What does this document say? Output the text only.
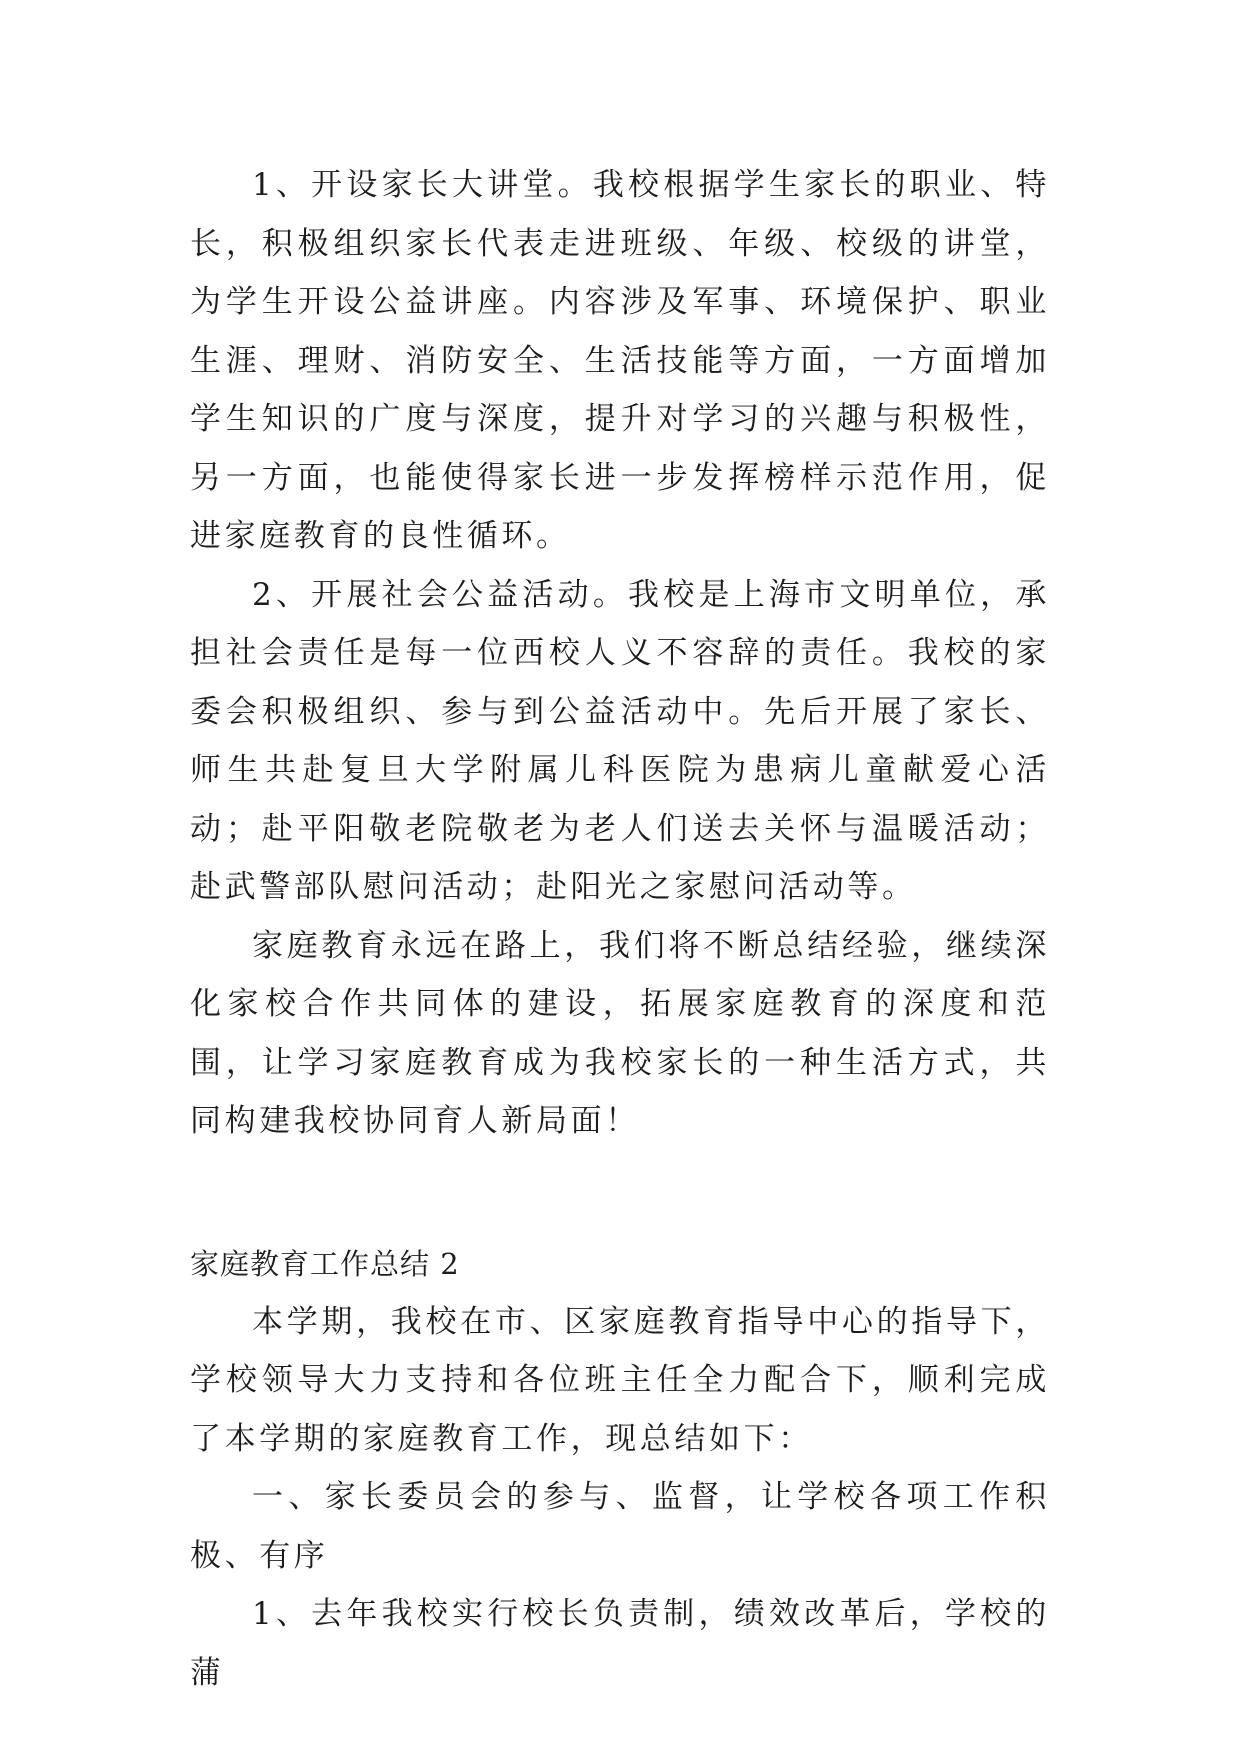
1、开设家长大讲堂。我校根据学生家长的职业、特长，积极组织家长代表走进班级、年级、校级的讲堂，为学生开设公益讲座。内容涉及军事、环境保护、职业生涯、理财、消防安全、生活技能等方面，一方面增加学生知识的广度与深度，提升对学习的兴趣与积极性，另一方面，也能使得家长进一步发挥榜样示范作用，促进家庭教育的良性循环。

2、开展社会公益活动。我校是上海市文明单位，承担社会责任是每一位西校人义不容辞的责任。我校的家委会积极组织、参与到公益活动中。先后开展了家长、师生共赴复旦大学附属儿科医院为患病儿童献爱心活动；赴平阳敬老院敬老为老人们送去关怀与温暖活动；赴武警部队慰问活动；赴阳光之家慰问活动等。

家庭教育永远在路上，我们将不断总结经验，继续深化家校合作共同体的建设，拓展家庭教育的深度和范围，让学习家庭教育成为我校家长的一种生活方式，共同构建我校协同育人新局面！

家庭教育工作总结 2

本学期，我校在市、区家庭教育指导中心的指导下，学校领导大力支持和各位班主任全力配合下，顺利完成了本学期的家庭教育工作，现总结如下：

一、家长委员会的参与、监督，让学校各项工作积极、有序

1、去年我校实行校长负责制，绩效改革后，学校的蒲
